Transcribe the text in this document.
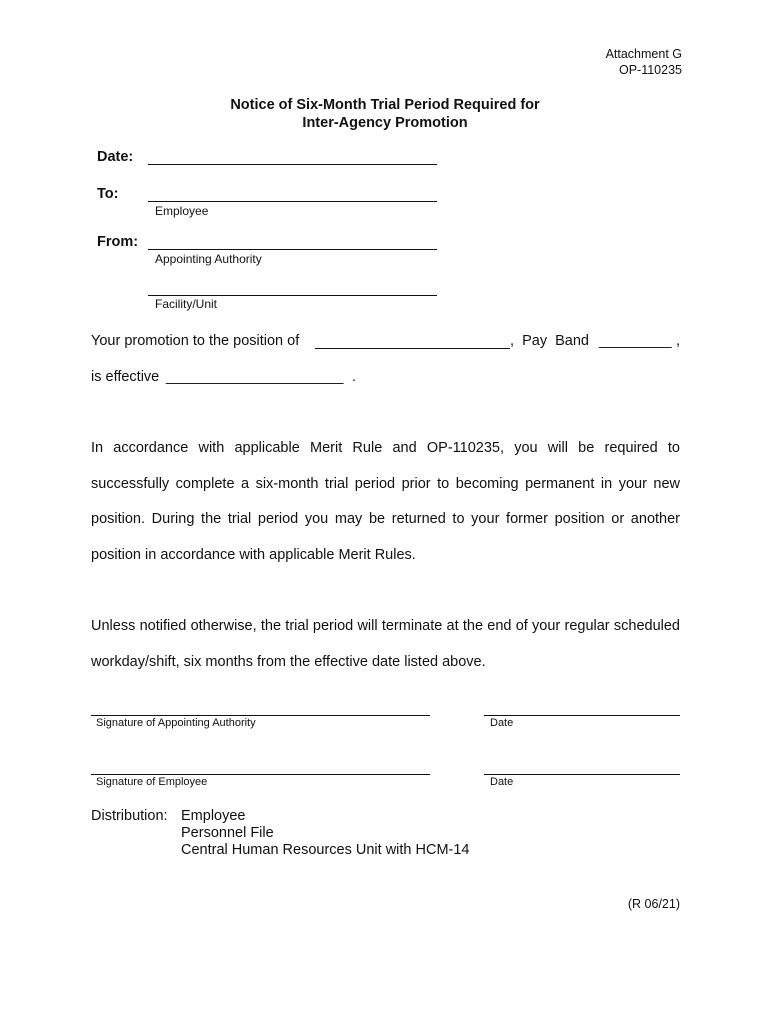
Attachment G
OP-110235
Notice of Six-Month Trial Period Required for
Inter-Agency Promotion
Date:
To:
Employee
From:
Appointing Authority
Facility/Unit
Your promotion to the position of	,  Pay  Band _________ ,
is effective ______________________ .

In accordance with applicable Merit Rule and OP-110235, you will be required to successfully complete a six-month trial period prior to becoming permanent in your new position. During the trial period you may be returned to your former position or another position in accordance with applicable Merit Rules.

Unless notified otherwise, the trial period will terminate at the end of your regular scheduled workday/shift, six months from the effective date listed above.

Signature of Appointing Authority	Date
Signature of Employee	Date
Distribution: Employee
Personnel File
Central Human Resources Unit with HCM-14
(R 06/21)
